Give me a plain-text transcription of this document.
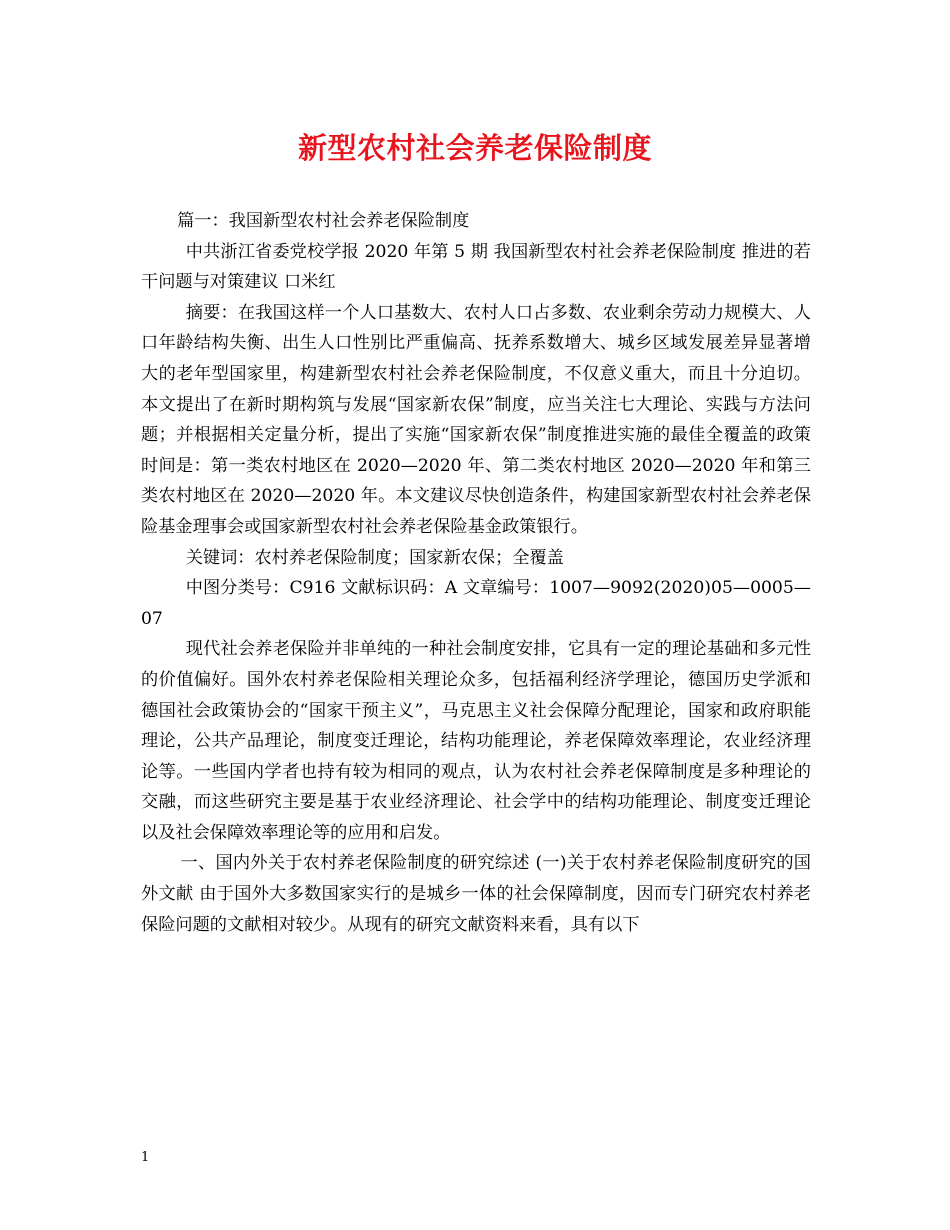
新型农村社会养老保险制度

篇一：我国新型农村社会养老保险制度

中共浙江省委党校学报 2020 年第 5 期 我国新型农村社会养老保险制度 推进的若干问题与对策建议 口米红

摘要：在我国这样一个人口基数大、农村人口占多数、农业剩余劳动力规模大、人口年龄结构失衡、出生人口性别比严重偏高、抚养系数增大、城乡区域发展差异显著增大的老年型国家里，构建新型农村社会养老保险制度，不仅意义重大，而且十分迫切。本文提出了在新时期构筑与发展“国家新农保”制度，应当关注七大理论、实践与方法问题；并根据相关定量分析，提出了实施“国家新农保”制度推进实施的最佳全覆盖的政策时间是：第一类农村地区在 2020—2020 年、第二类农村地区 2020—2020 年和第三类农村地区在 2020—2020 年。本文建议尽快创造条件，构建国家新型农村社会养老保险基金理事会或国家新型农村社会养老保险基金政策银行。

关键词：农村养老保险制度；国家新农保；全覆盖

中图分类号：C916 文献标识码：A 文章编号：1007—9092(2020)05—0005—07

现代社会养老保险并非单纯的一种社会制度安排，它具有一定的理论基础和多元性的价值偏好。国外农村养老保险相关理论众多，包括福利经济学理论，德国历史学派和德国社会政策协会的“国家干预主义”，马克思主义社会保障分配理论，国家和政府职能理论，公共产品理论，制度变迁理论，结构功能理论，养老保障效率理论，农业经济理论等。一些国内学者也持有较为相同的观点，认为农村社会养老保障制度是多种理论的交融，而这些研究主要是基于农业经济理论、社会学中的结构功能理论、制度变迁理论以及社会保障效率理论等的应用和启发。

一、国内外关于农村养老保险制度的研究综述 (一)关于农村养老保险制度研究的国外文献 由于国外大多数国家实行的是城乡一体的社会保障制度，因而专门研究农村养老保险问题的文献相对较少。从现有的研究文献资料来看，具有以下

1
